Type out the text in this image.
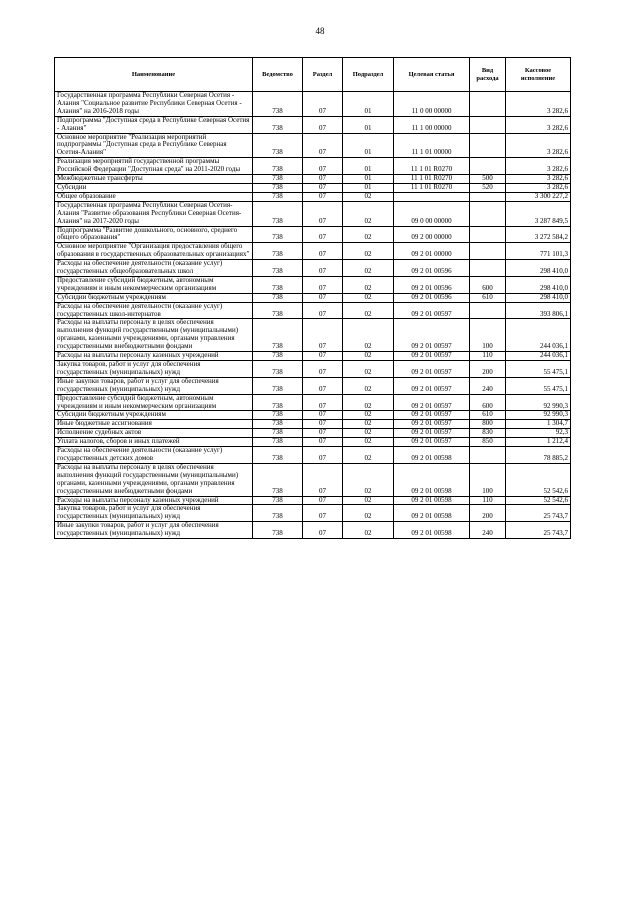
48
Наименование	Ведомство	Раздел	Подраздел	Целевая статья	Вид расхода	Кассовое исполнение
Государственная программа Республики Северная Осетия - Алания "Социальное развитие Республики Северная Осетия - Алания" на 2016-2018 годы	738	07	01	11 0 00 00000		3 282,6
Подпрограмма "Доступная среда в Республике Северная Осетия - Алания"	738	07	01	11 1 00 00000		3 282,6
Основное мероприятие "Реализация мероприятий подпрограммы "Доступная среда в Республике Северная Осетия-Алания"	738	07	01	11 1 01 00000		3 282,6
Реализация мероприятий государственной программы Российской Федерации "Доступная среда" на 2011-2020 годы	738	07	01	11 1 01 R0270		3 282,6
Межбюджетные трансферты	738	07	01	11 1 01 R0270	500	3 282,6
Субсидии	738	07	01	11 1 01 R0270	520	3 282,6
Общее образование	738	07	02			3 300 227,2
Государственная программа Республики Северная Осетия-Алания "Развитие образования Республики Северная Осетия-Алания" на 2017-2020 годы	738	07	02	09 0 00 00000		3 287 849,5
Подпрограмма "Развитие дошкольного, основного, среднего общего образования"	738	07	02	09 2 00 00000		3 272 584,2
Основное мероприятие "Организация предоставления общего образования в государственных образовательных организациях"	738	07	02	09 2 01 00000		771 101,3
Расходы на обеспечение деятельности (оказание услуг) государственных общеобразовательных школ	738	07	02	09 2 01 00596		298 410,0
Предоставление субсидий бюджетным, автономным учреждениям и иным некоммерческим организациям	738	07	02	09 2 01 00596	600	298 410,0
Субсидии бюджетным учреждениям	738	07	02	09 2 01 00596	610	298 410,0
Расходы на обеспечение деятельности (оказание услуг) государственных школ-интернатов	738	07	02	09 2 01 00597		393 806,1
Расходы на выплаты персоналу в целях обеспечения выполнения функций государственными (муниципальными) органами, казенными учреждениями, органами управления государственными внебюджетными фондами	738	07	02	09 2 01 00597	100	244 036,1
Расходы на выплаты персоналу казенных учреждений	738	07	02	09 2 01 00597	110	244 036,1
Закупка товаров, работ и услуг для обеспечения государственных (муниципальных) нужд	738	07	02	09 2 01 00597	200	55 475,1
Иные закупки товаров, работ и услуг для обеспечения государственных (муниципальных) нужд	738	07	02	09 2 01 00597	240	55 475,1
Предоставление субсидий бюджетным, автономным учреждениям и иным некоммерческим организациям	738	07	02	09 2 01 00597	600	92 990,3
Субсидии бюджетным учреждениям	738	07	02	09 2 01 00597	610	92 990,3
Иные бюджетные ассигнования	738	07	02	09 2 01 00597	800	1 304,7
Исполнение судебных актов	738	07	02	09 2 01 00597	830	92,3
Уплата налогов, сборов и иных платежей	738	07	02	09 2 01 00597	850	1 212,4
Расходы на обеспечение деятельности (оказание услуг) государственных детских домов	738	07	02	09 2 01 00598		78 885,2
Расходы на выплаты персоналу в целях обеспечения выполнения функций государственными (муниципальными) органами, казенными учреждениями, органами управления государственными внебюджетными фондами	738	07	02	09 2 01 00598	100	52 542,6
Расходы на выплаты персоналу казенных учреждений	738	07	02	09 2 01 00598	110	52 542,6
Закупка товаров, работ и услуг для обеспечения государственных (муниципальных) нужд	738	07	02	09 2 01 00598	200	25 743,7
Иные закупки товаров, работ и услуг для обеспечения государственных (муниципальных) нужд	738	07	02	09 2 01 00598	240	25 743,7
